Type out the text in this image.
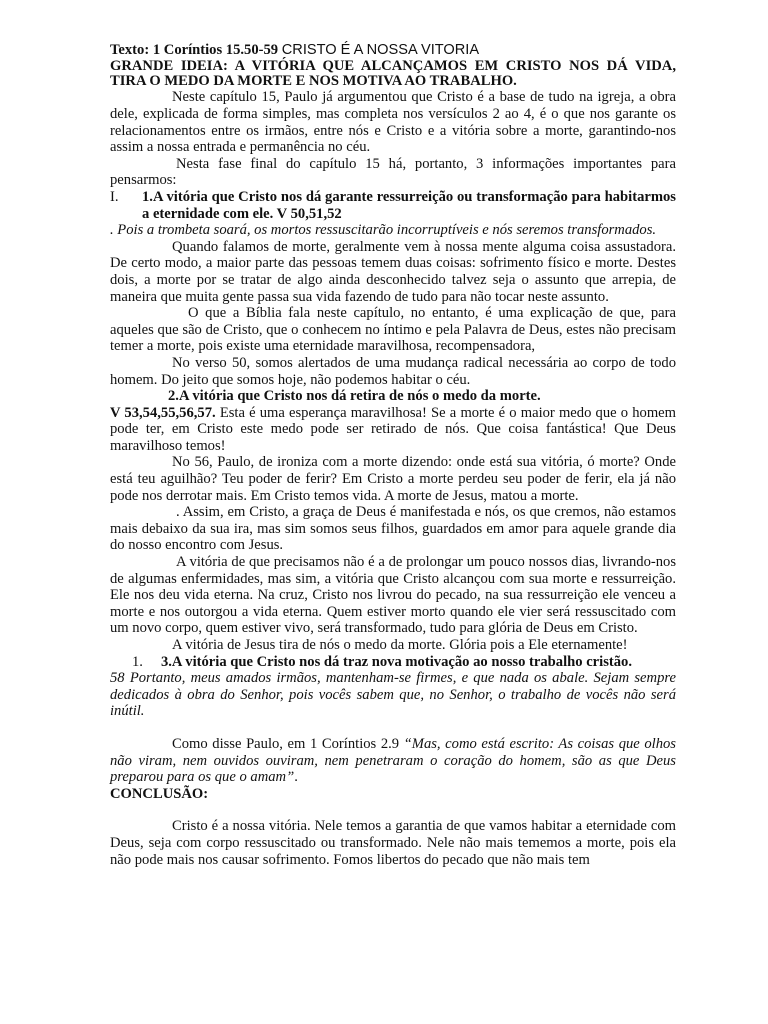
Texto: 1 Coríntios 15.50-59 CRISTO É A NOSSA VITORIA

GRANDE IDEIA: A VITÓRIA QUE ALCANÇAMOS EM CRISTO NOS DÁ VIDA, TIRA O MEDO DA MORTE E NOS MOTIVA AO TRABALHO.

Neste capítulo 15, Paulo já argumentou que Cristo é a base de tudo na igreja, a obra dele, explicada de forma simples, mas completa nos versículos 2 ao 4, é o que nos garante os relacionamentos entre os irmãos, entre nós e Cristo e a vitória sobre a morte, garantindo-nos assim a nossa entrada e permanência no céu.

Nesta fase final do capítulo 15 há, portanto, 3 informações importantes para pensarmos:

I.	1.A vitória que Cristo nos dá garante ressurreição ou transformação para habitarmos a eternidade com ele. V 50,51,52

. Pois a trombeta soará, os mortos ressuscitarão incorruptíveis e nós seremos transformados.

Quando falamos de morte, geralmente vem à nossa mente alguma coisa assustadora. De certo modo, a maior parte das pessoas temem duas coisas: sofrimento físico e morte. Destes dois, a morte por se tratar de algo ainda desconhecido talvez seja o assunto que arrepia, de maneira que muita gente passa sua vida fazendo de tudo para não tocar neste assunto.

O que a Bíblia fala neste capítulo, no entanto, é uma explicação de que, para aqueles que são de Cristo, que o conhecem no íntimo e pela Palavra de Deus, estes não precisam temer a morte, pois existe uma eternidade maravilhosa, recompensadora,

No verso 50, somos alertados de uma mudança radical necessária ao corpo de todo homem. Do jeito que somos hoje, não podemos habitar o céu.

2.A vitória que Cristo nos dá retira de nós o medo da morte.

V 53,54,55,56,57. Esta é uma esperança maravilhosa! Se a morte é o maior medo que o homem pode ter, em Cristo este medo pode ser retirado de nós. Que coisa fantástica! Que Deus maravilhoso temos!

No 56, Paulo, de ironiza com a morte dizendo: onde está sua vitória, ó morte? Onde está teu aguilhão? Teu poder de ferir? Em Cristo a morte perdeu seu poder de ferir, ela já não pode nos derrotar mais. Em Cristo temos vida. A morte de Jesus, matou a morte.

. Assim, em Cristo, a graça de Deus é manifestada e nós, os que cremos, não estamos mais debaixo da sua ira, mas sim somos seus filhos, guardados em amor para aquele grande dia do nosso encontro com Jesus.

A vitória de que precisamos não é a de prolongar um pouco nossos dias, livrando-nos de algumas enfermidades, mas sim, a vitória que Cristo alcançou com sua morte e ressurreição. Ele nos deu vida eterna. Na cruz, Cristo nos livrou do pecado, na sua ressurreição ele venceu a morte e nos outorgou a vida eterna. Quem estiver morto quando ele vier será ressuscitado com um novo corpo, quem estiver vivo, será transformado, tudo para glória de Deus em Cristo.

A vitória de Jesus tira de nós o medo da morte. Glória pois a Ele eternamente!

1. 3.A vitória que Cristo nos dá traz nova motivação ao nosso trabalho cristão.

58 Portanto, meus amados irmãos, mantenham-se firmes, e que nada os abale. Sejam sempre dedicados à obra do Senhor, pois vocês sabem que, no Senhor, o trabalho de vocês não será inútil.

Como disse Paulo, em 1 Coríntios 2.9 “Mas, como está escrito: As coisas que olhos não viram, nem ouvidos ouviram, nem penetraram o coração do homem, são as que Deus preparou para os que o amam”.

CONCLUSÃO:

Cristo é a nossa vitória. Nele temos a garantia de que vamos habitar a eternidade com Deus, seja com corpo ressuscitado ou transformado. Nele não mais tememos a morte, pois ela não pode mais nos causar sofrimento. Fomos libertos do pecado que não mais tem
